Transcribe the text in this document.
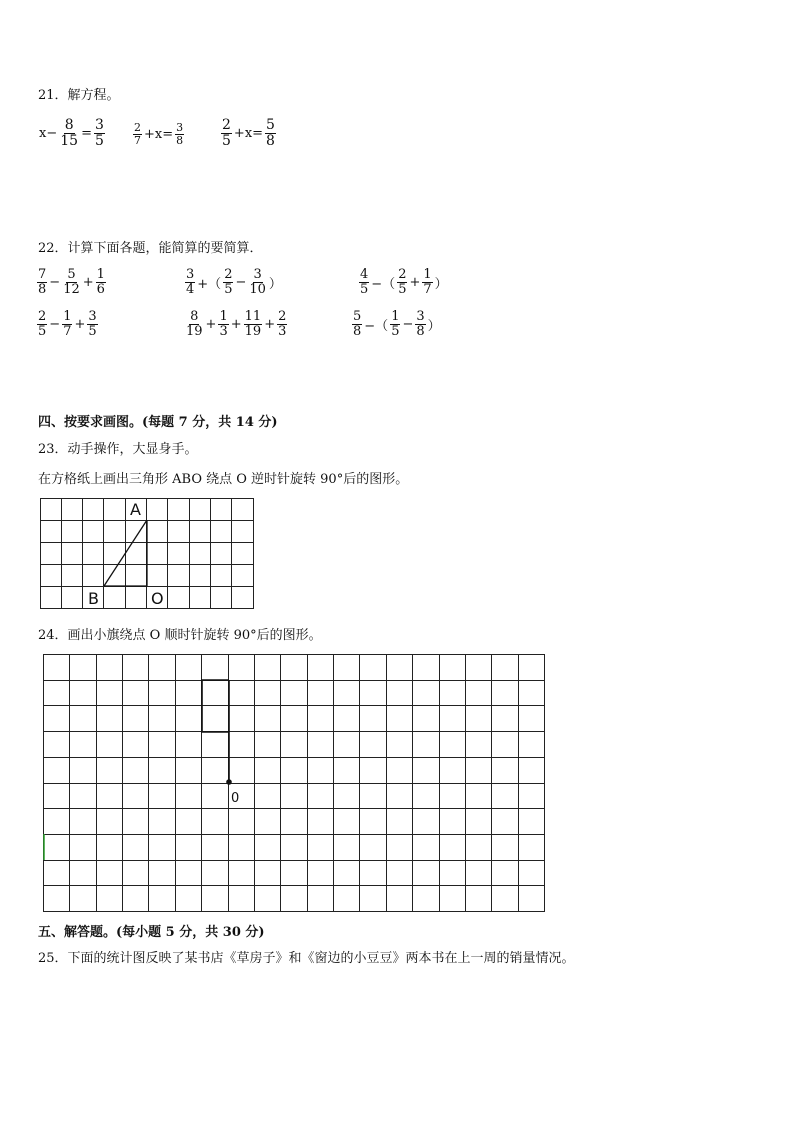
21．解方程。
$x- \frac{8}{15} = \frac{3}{5}$	$\frac{2}{7} +x= \frac{3}{8}$	$\frac{2}{5} +x= \frac{5}{8}$
22．计算下面各题，能简算的要简算．
$\frac{7}{8} - \frac{5}{12} + \frac{1}{6}$	$\frac{3}{4}$ +（ $\frac{2}{5} - \frac{3}{10}$ ）	$\frac{4}{5}$ −（ $\frac{2}{5} + \frac{1}{7}$ ）
$\frac{2}{5} - \frac{1}{7} + \frac{3}{5}$	$\frac{8}{19} + \frac{1}{3} + \frac{11}{19} + \frac{2}{3}$	$\frac{5}{8}$ −（ $\frac{1}{5} - \frac{3}{8}$ ）
四、按要求画图。(每题 7 分，共 14 分)
23．动手操作，大显身手。
在方格纸上画出三角形 ABO 绕点 O 逆时针旋转 90°后的图形。
A
B	O
24．画出小旗绕点 O 顺时针旋转 90°后的图形。
0
五、解答题。(每小题 5 分，共 30 分)
25．下面的统计图反映了某书店《草房子》和《窗边的小豆豆》两本书在上一周的销量情况。
